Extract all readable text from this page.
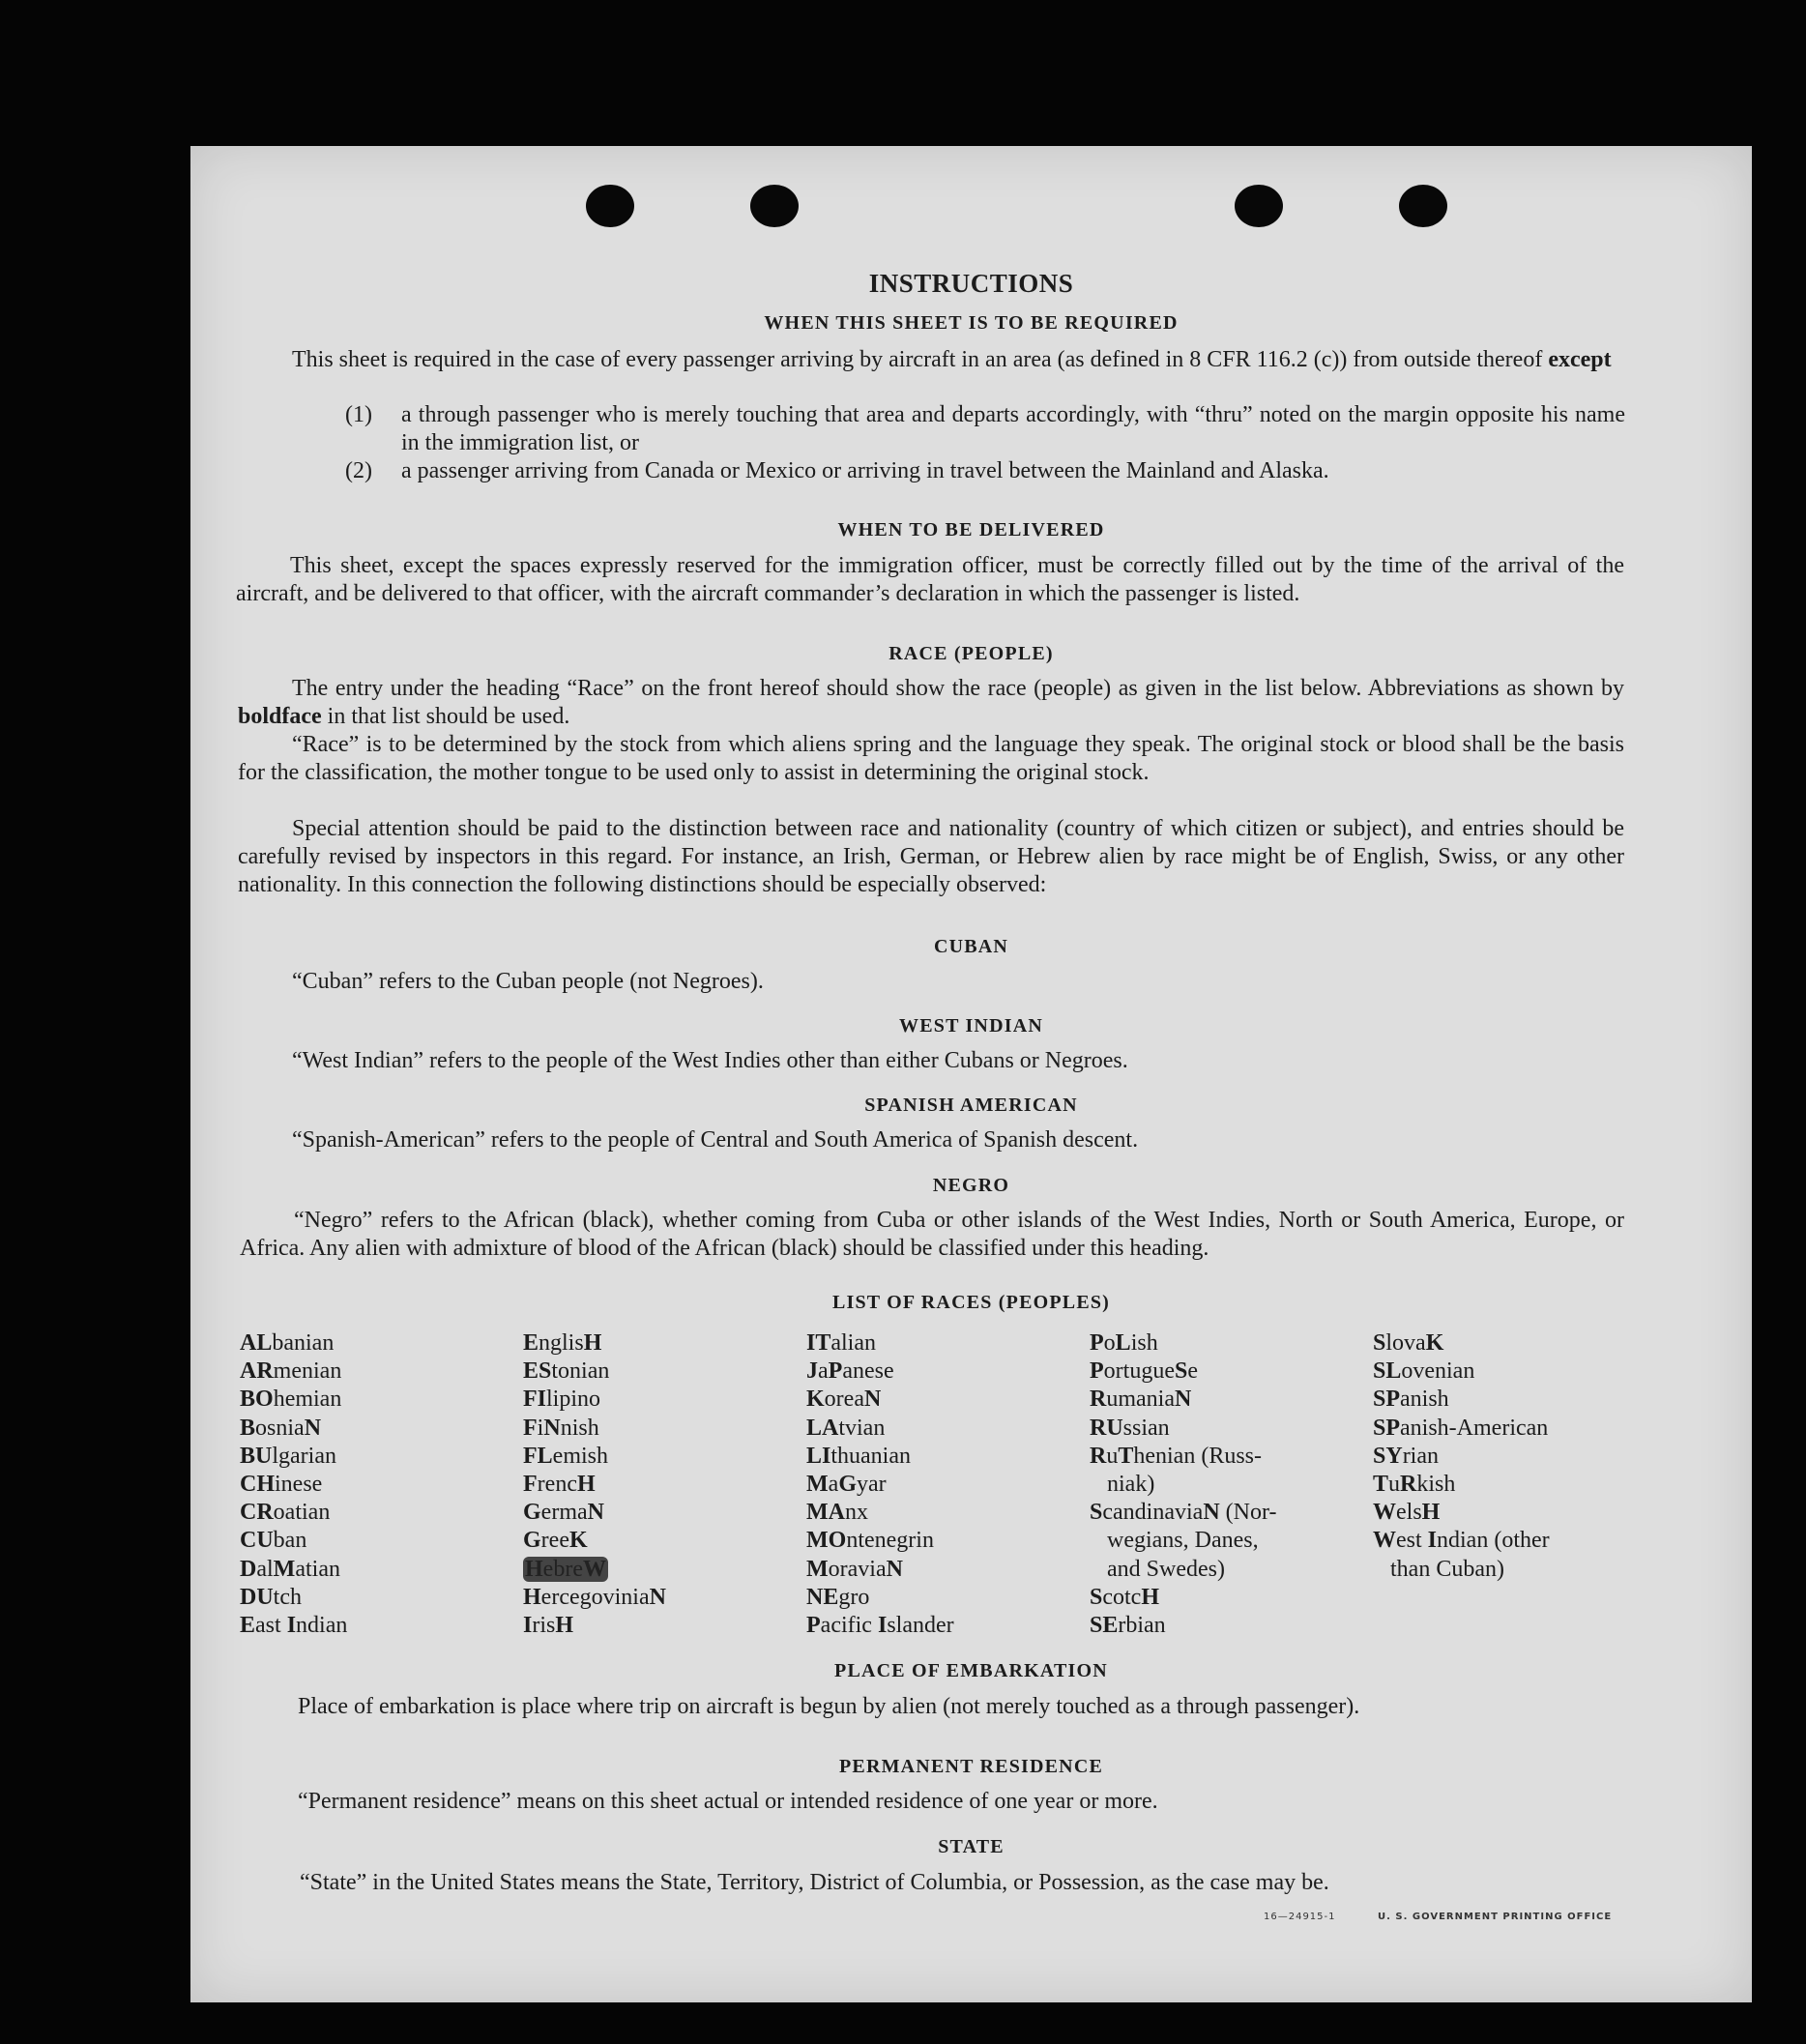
INSTRUCTIONS
WHEN THIS SHEET IS TO BE REQUIRED
This sheet is required in the case of every passenger arriving by aircraft in an area (as defined in 8 CFR 116.2 (c)) from outside thereof except
(1) a through passenger who is merely touching that area and departs accordingly, with “thru” noted on the margin opposite his name in the immigration list, or
(2) a passenger arriving from Canada or Mexico or arriving in travel between the Mainland and Alaska.
WHEN TO BE DELIVERED
This sheet, except the spaces expressly reserved for the immigration officer, must be correctly filled out by the time of the arrival of the aircraft, and be delivered to that officer, with the aircraft commander’s declaration in which the passenger is listed.
RACE (PEOPLE)
The entry under the heading “Race” on the front hereof should show the race (people) as given in the list below. Abbreviations as shown by boldface in that list should be used.
“Race” is to be determined by the stock from which aliens spring and the language they speak. The original stock or blood shall be the basis for the classification, the mother tongue to be used only to assist in determining the original stock.
Special attention should be paid to the distinction between race and nationality (country of which citizen or subject), and entries should be carefully revised by inspectors in this regard. For instance, an Irish, German, or Hebrew alien by race might be of English, Swiss, or any other nationality. In this connection the following distinctions should be especially observed:
CUBAN
“Cuban” refers to the Cuban people (not Negroes).
WEST INDIAN
“West Indian” refers to the people of the West Indies other than either Cubans or Negroes.
SPANISH AMERICAN
“Spanish-American” refers to the people of Central and South America of Spanish descent.
NEGRO
“Negro” refers to the African (black), whether coming from Cuba or other islands of the West Indies, North or South America, Europe, or Africa. Any alien with admixture of blood of the African (black) should be classified under this heading.
LIST OF RACES (PEOPLES)
ALbanian
ARmenian
BOhemian
BosniaN
BUlgarian
CHinese
CRoatian
CUban
DalMatian
DUtch
East Indian
EnglisH
EStonian
FIlipino
FiNnish
FLemish
FrencH
GermaN
GreeK
HebreW
HercegoviniaN
IrisH
ITalian
JaPanese
KoreaN
LAtvian
LIthuanian
MaGyar
MAnx
MOntenegrin
MoraviaN
NEgro
Pacific Islander
PoLish
PortugueSe
RumaniaN
RUssian
RuThenian (Russ-
niak)
ScandinaviaN (Nor-
wegians, Danes,
and Swedes)
ScotcH
SErbian
SlovaK
SLovenian
SPanish
SPanish-American
SYrian
TuRkish
WelsH
West Indian (other
than Cuban)
PLACE OF EMBARKATION
Place of embarkation is place where trip on aircraft is begun by alien (not merely touched as a through passenger).
PERMANENT RESIDENCE
“Permanent residence” means on this sheet actual or intended residence of one year or more.
STATE
“State” in the United States means the State, Territory, District of Columbia, or Possession, as the case may be.
16—24915-1	U. S. GOVERNMENT PRINTING OFFICE
